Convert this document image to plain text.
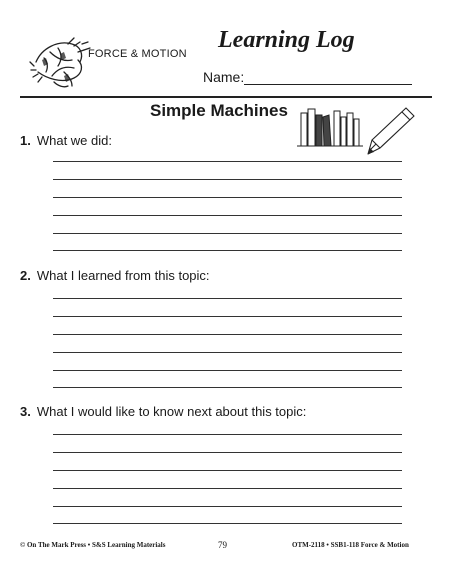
FORCE & MOTION
Learning Log
Name:
Simple Machines
1. What we did:
2. What I learned from this topic:
3. What I would like to know next about this topic:
© On The Mark Press • S&S Learning Materials	79	OTM-2118 • SSB1-118 Force & Motion
